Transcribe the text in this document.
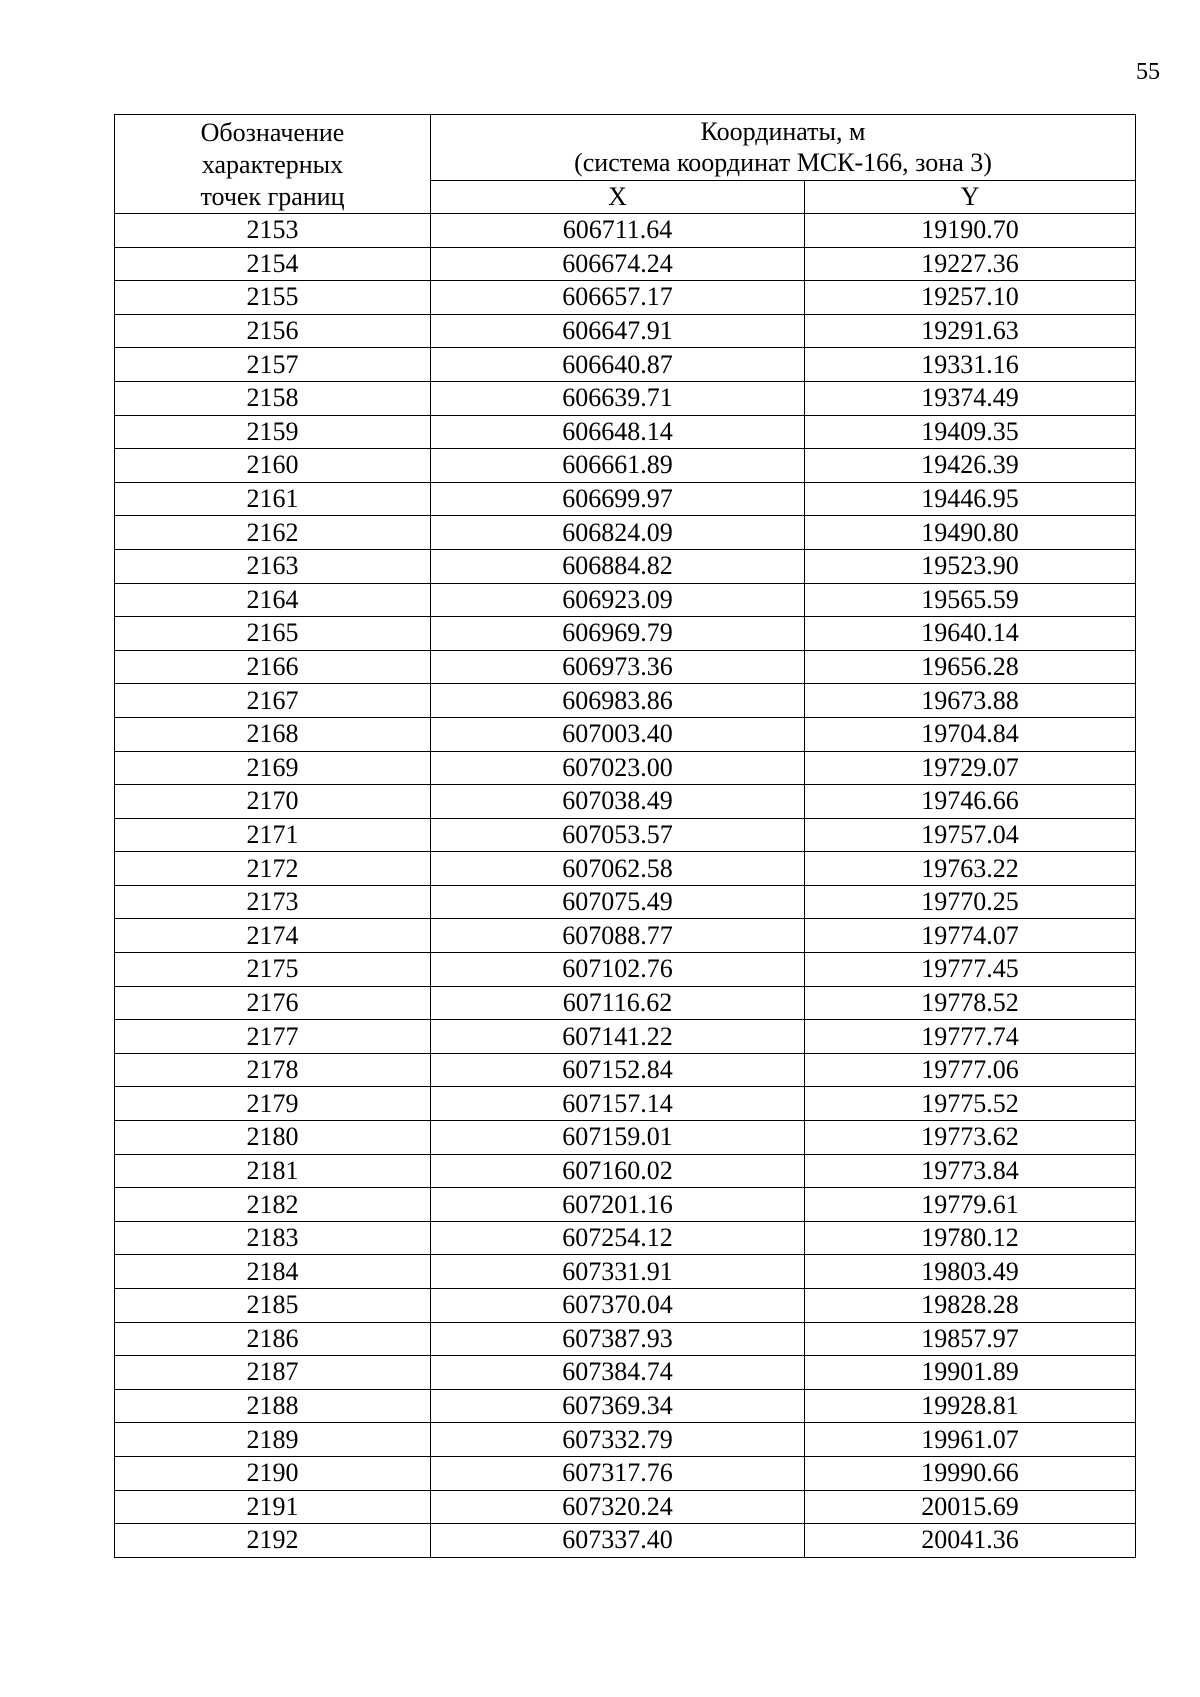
55
Обозначение
характерных
точек границ	Координаты, м
(система координат МСК-166, зона 3)	

	X	Y
2153	606711.64	19190.70
2154	606674.24	19227.36
2155	606657.17	19257.10
2156	606647.91	19291.63
2157	606640.87	19331.16
2158	606639.71	19374.49
2159	606648.14	19409.35
2160	606661.89	19426.39
2161	606699.97	19446.95
2162	606824.09	19490.80
2163	606884.82	19523.90
2164	606923.09	19565.59
2165	606969.79	19640.14
2166	606973.36	19656.28
2167	606983.86	19673.88
2168	607003.40	19704.84
2169	607023.00	19729.07
2170	607038.49	19746.66
2171	607053.57	19757.04
2172	607062.58	19763.22
2173	607075.49	19770.25
2174	607088.77	19774.07
2175	607102.76	19777.45
2176	607116.62	19778.52
2177	607141.22	19777.74
2178	607152.84	19777.06
2179	607157.14	19775.52
2180	607159.01	19773.62
2181	607160.02	19773.84
2182	607201.16	19779.61
2183	607254.12	19780.12
2184	607331.91	19803.49
2185	607370.04	19828.28
2186	607387.93	19857.97
2187	607384.74	19901.89
2188	607369.34	19928.81
2189	607332.79	19961.07
2190	607317.76	19990.66
2191	607320.24	20015.69
2192	607337.40	20041.36
